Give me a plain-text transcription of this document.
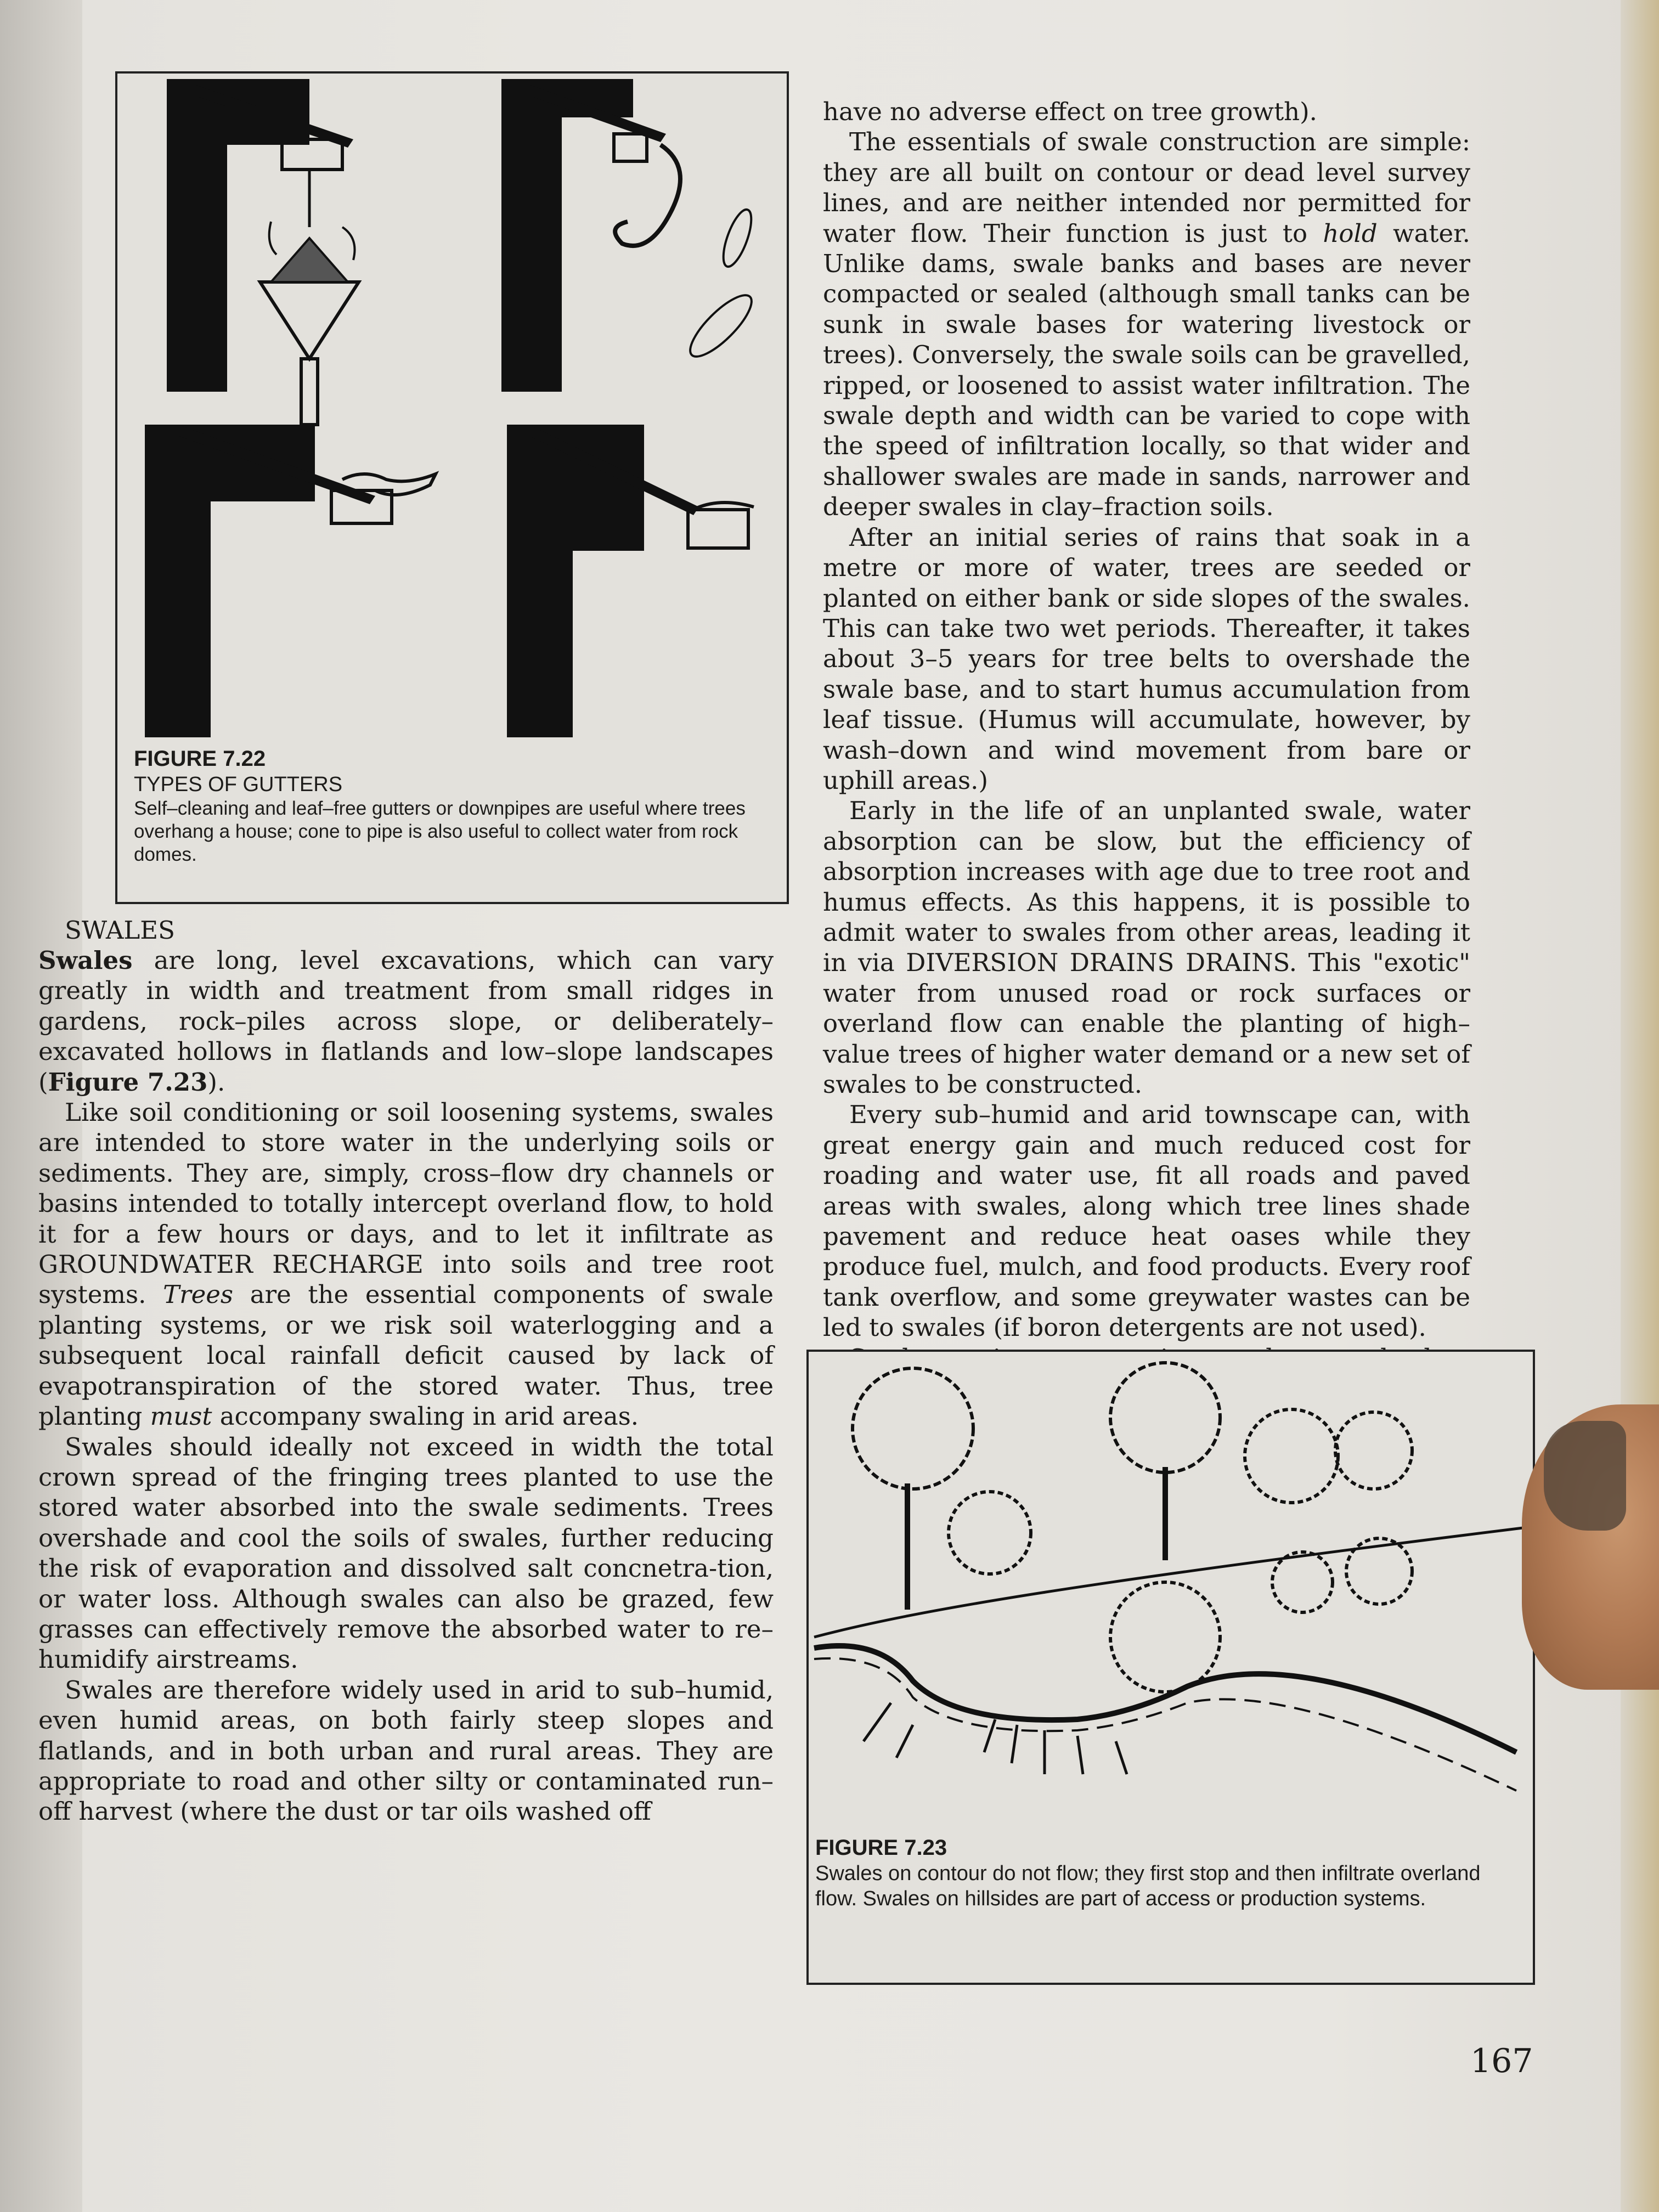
FIGURE 7.22
TYPES OF GUTTERS
Self–cleaning and leaf–free gutters or downpipes are useful where trees overhang a house; cone to pipe is also useful to collect water from rock domes.

SWALES

Swales are long, level excavations, which can vary greatly in width and treatment from small ridges in gardens, rock–piles across slope, or deliberately–excavated hollows in flatlands and low–slope landscapes (Figure 7.23).

Like soil conditioning or soil loosening systems, swales are intended to store water in the underlying soils or sediments. They are, simply, cross–flow dry channels or basins intended to totally intercept overland flow, to hold it for a few hours or days, and to let it infiltrate as GROUNDWATER RECHARGE into soils and tree root systems. Trees are the essential components of swale planting systems, or we risk soil waterlogging and a subsequent local rainfall deficit caused by lack of evapotranspiration of the stored water. Thus, tree planting must accompany swaling in arid areas.

Swales should ideally not exceed in width the total crown spread of the fringing trees planted to use the stored water absorbed into the swale sediments. Trees overshade and cool the soils of swales, further reducing the risk of evaporation and dissolved salt concnetra-tion, or water loss. Although swales can also be grazed, few grasses can effectively remove the absorbed water to re–humidify airstreams.

Swales are therefore widely used in arid to sub–humid, even humid areas, on both fairly steep slopes and flatlands, and in both urban and rural areas. They are appropriate to road and other silty or contaminated run–off harvest (where the dust or tar oils washed off

have no adverse effect on tree growth).

The essentials of swale construction are simple: they are all built on contour or dead level survey lines, and are neither intended nor permitted for water flow. Their function is just to hold water. Unlike dams, swale banks and bases are never compacted or sealed (although small tanks can be sunk in swale bases for watering livestock or trees). Conversely, the swale soils can be gravelled, ripped, or loosened to assist water infiltration. The swale depth and width can be varied to cope with the speed of infiltration locally, so that wider and shallower swales are made in sands, narrower and deeper swales in clay–fraction soils.

After an initial series of rains that soak in a metre or more of water, trees are seeded or planted on either bank or side slopes of the swales. This can take two wet periods. Thereafter, it takes about 3–5 years for tree belts to overshade the swale base, and to start humus accumulation from leaf tissue. (Humus will accumulate, however, by wash–down and wind movement from bare or uphill areas.)

Early in the life of an unplanted swale, water absorption can be slow, but the efficiency of absorption increases with age due to tree root and humus effects. As this happens, it is possible to admit water to swales from other areas, leading it in via DIVERSION DRAINS DRAINS. This "exotic" water from unused road or rock surfaces or overland flow can enable the planting of high–value trees of higher water demand or a new set of swales to be constructed.

Every sub–humid and arid townscape can, with great energy gain and much reduced cost for roading and water use, fit all roads and paved areas with swales, along which tree lines shade pavement and reduce heat oases while they produce fuel, mulch, and food products. Every roof tank overflow, and some greywater wastes can be led to swales (if boron detergents are not used).

FIGURE 7.23
Swales on contour do not flow; they first stop and then infiltrate overland flow. Swales on hillsides are part of access or production systems.
167
